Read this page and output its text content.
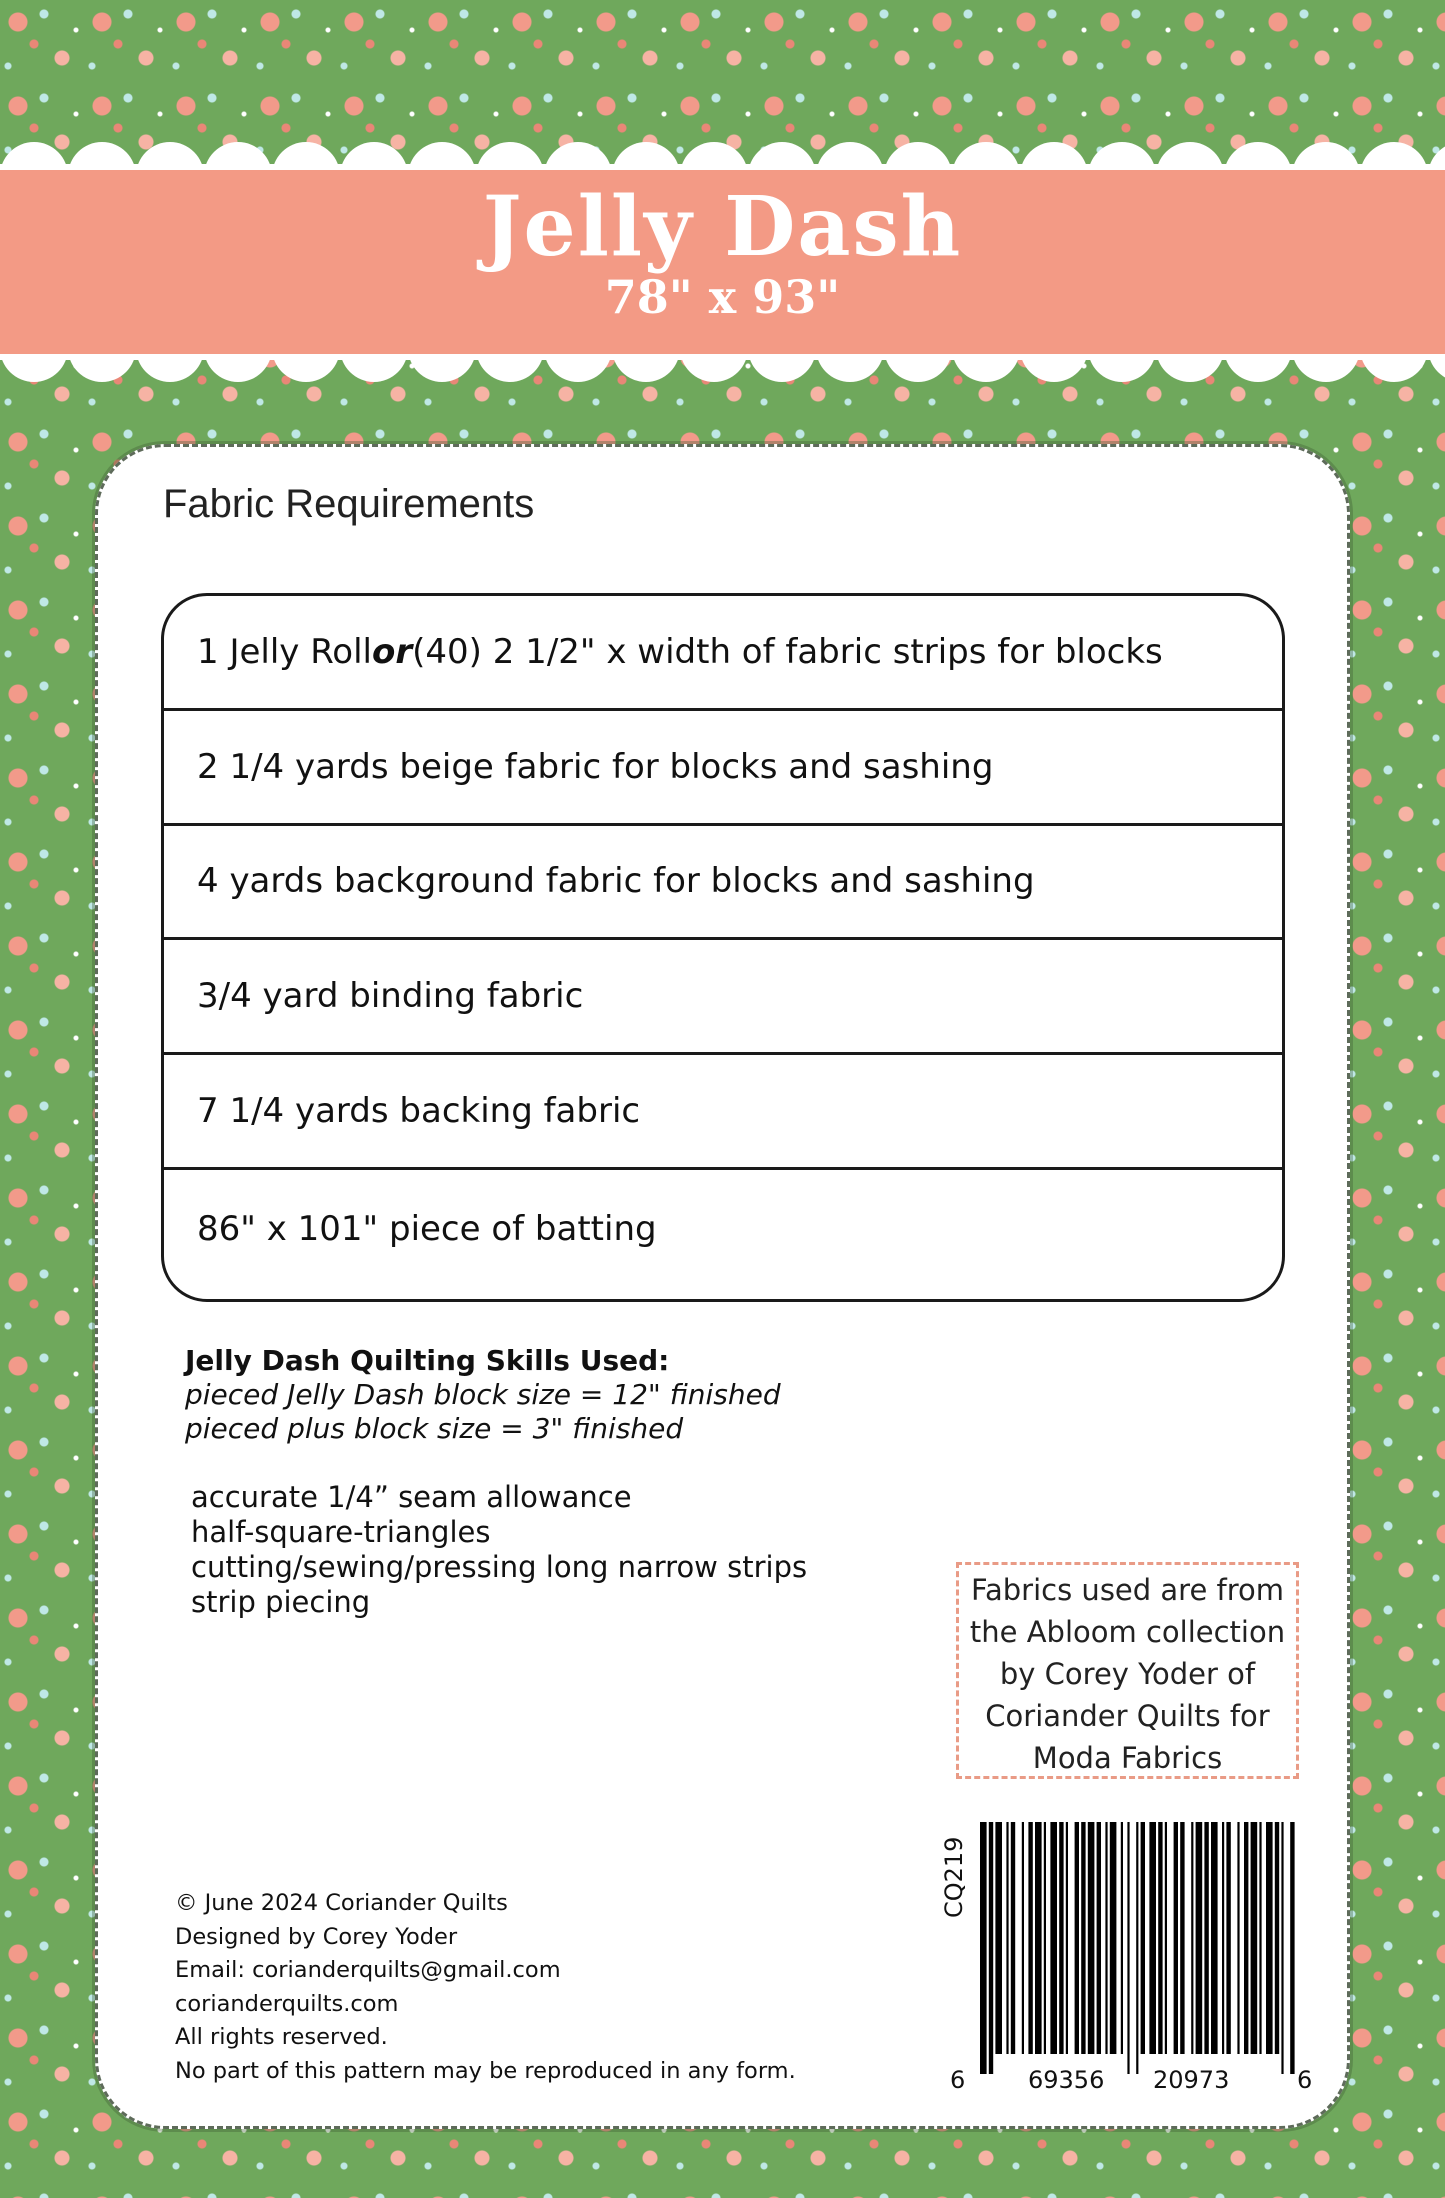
Jelly Dash
78" x 93"
Fabric Requirements
1 Jelly Roll or (40) 2 1/2" x width of fabric strips for blocks
2 1/4 yards beige fabric for blocks and sashing
4 yards background fabric for blocks and sashing
3/4 yard binding fabric
7 1/4 yards backing fabric
86" x 101" piece of batting

Jelly Dash Quilting Skills Used:

pieced Jelly Dash block size = 12" finished

pieced plus block size = 3" finished

accurate 1/4” seam allowance
half-square-triangles
cutting/sewing/pressing long narrow strips
strip piecing	Fabrics used are from
the Abloom collection
by Corey Yoder of
Coriander Quilts for
Moda Fabrics
© June 2024 Coriander Quilts
Designed by Corey Yoder
Email: corianderquilts@gmail.com
corianderquilts.com
All rights reserved.
No part of this pattern may be reproduced in any form.
CQ219
6	69356 20973	6
